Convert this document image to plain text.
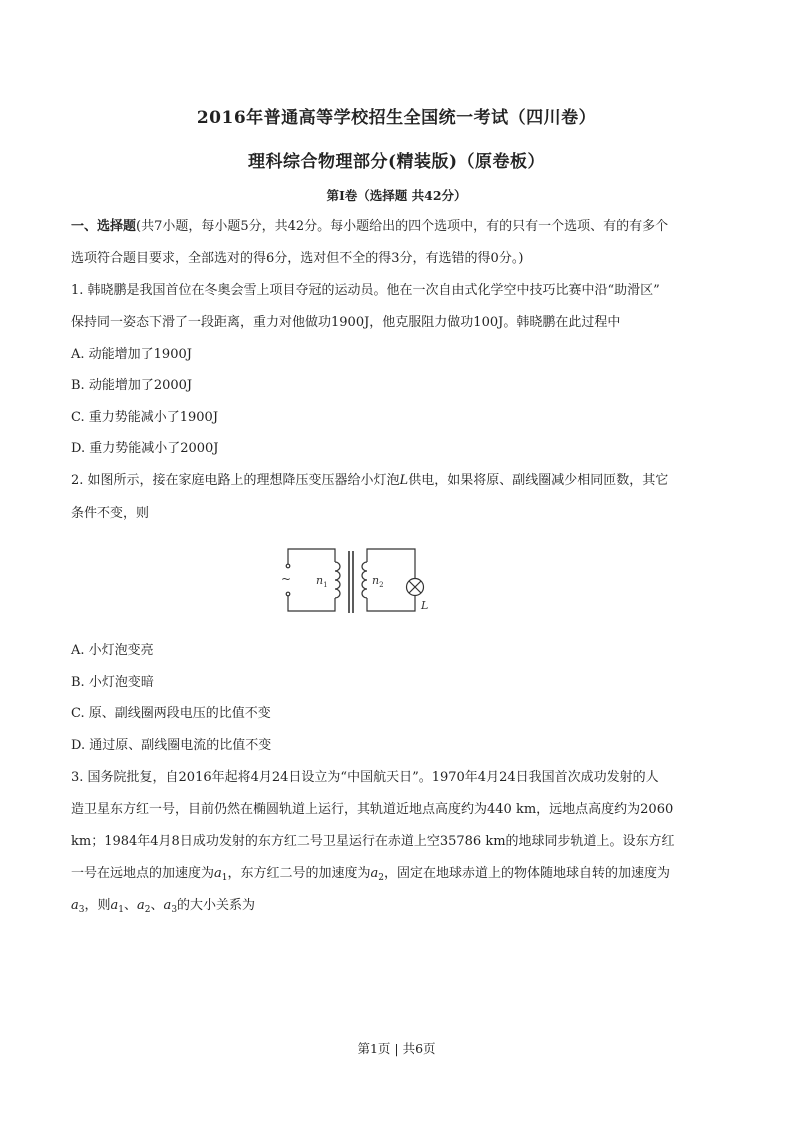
2016年普通高等学校招生全国统一考试（四川卷）
理科综合物理部分(精装版)（原卷板）
第I卷（选择题 共42分）
一、选择题(共7小题，每小题5分，共42分。每小题给出的四个选项中，有的只有一个选项、有的有多个
选项符合题目要求，全部选对的得6分，选对但不全的得3分，有选错的得0分。)
1. 韩晓鹏是我国首位在冬奥会雪上项目夺冠的运动员。他在一次自由式化学空中技巧比赛中沿“助滑区”
保持同一姿态下滑了一段距离，重力对他做功1900J，他克服阻力做功100J。韩晓鹏在此过程中
A. 动能增加了1900J
B. 动能增加了2000J
C. 重力势能减小了1900J
D. 重力势能减小了2000J
2. 如图所示，接在家庭电路上的理想降压变压器给小灯泡L供电，如果将原、副线圈减少相同匝数，其它
条件不变，则
~ $n_1$	$n_2$
L
A. 小灯泡变亮
B. 小灯泡变暗
C. 原、副线圈两段电压的比值不变
D. 通过原、副线圈电流的比值不变
3. 国务院批复，自2016年起将4月24日设立为“中国航天日”。1970年4月24日我国首次成功发射的人
造卫星东方红一号，目前仍然在椭圆轨道上运行，其轨道近地点高度约为440 km，远地点高度约为2060
km；1984年4月8日成功发射的东方红二号卫星运行在赤道上空35786 km的地球同步轨道上。设东方红
一号在远地点的加速度为$a_1$，东方红二号的加速度为$a_2$，固定在地球赤道上的物体随地球自转的加速度为
$a_3$，则$a_1$、$a_2$、$a_3$的大小关系为
第1页 | 共6页
